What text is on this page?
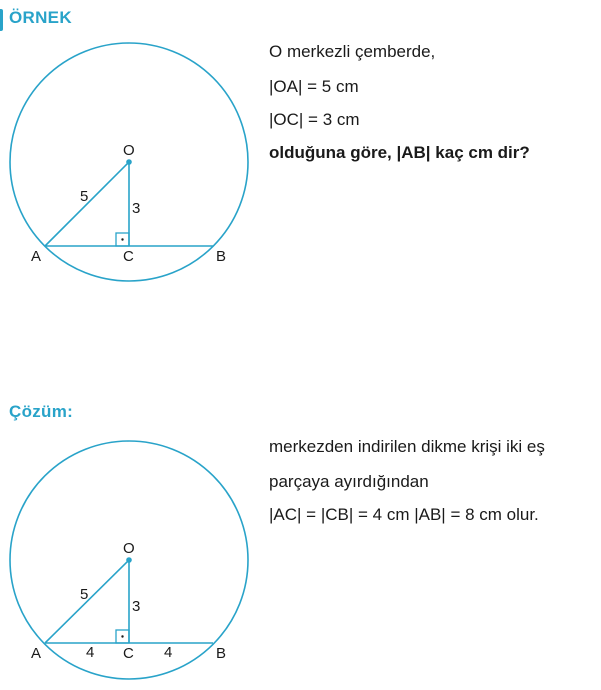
ÖRNEK
O merkezli çemberde,
|OA| = 5 cm
|OC| = 3 cm
olduğuna göre, |AB| kaç cm dir?
O
A	C	B
5
3
Çözüm:
merkezden indirilen dikme krişi iki eş
parçaya ayırdığından
|AC| = |CB| = 4 cm |AB| = 8 cm olur.
O
A	C	B
4	4
5
3
